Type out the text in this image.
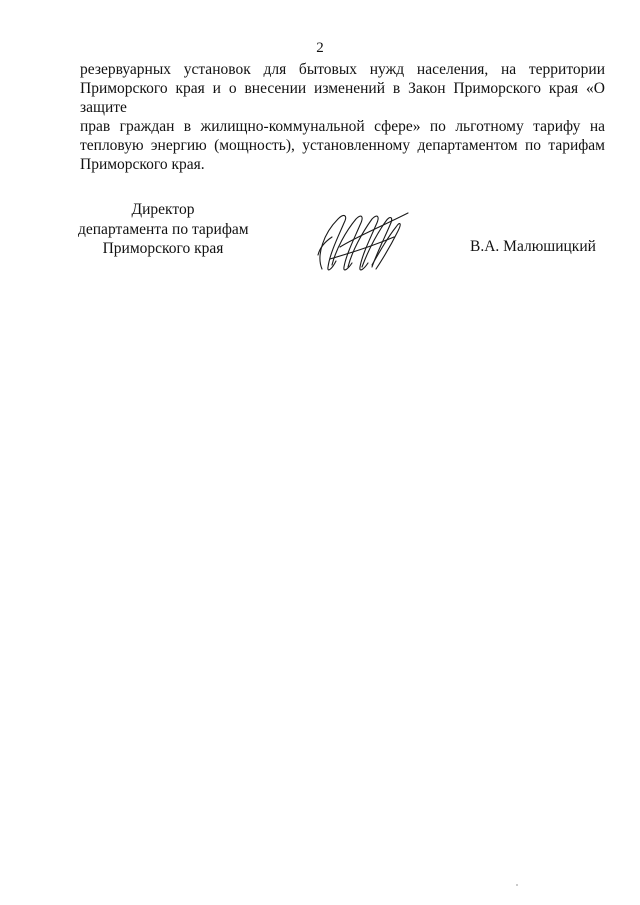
2
резервуарных установок для бытовых нужд населения, на территории
Приморского края и о внесении изменений в Закон Приморского края «О защите
прав граждан в жилищно-коммунальной сфере» по льготному тарифу на
тепловую энергию (мощность), установленному департаментом по тарифам
Приморского края.
Директор
департамента по тарифам
Приморского края	В.А. Малюшицкий
